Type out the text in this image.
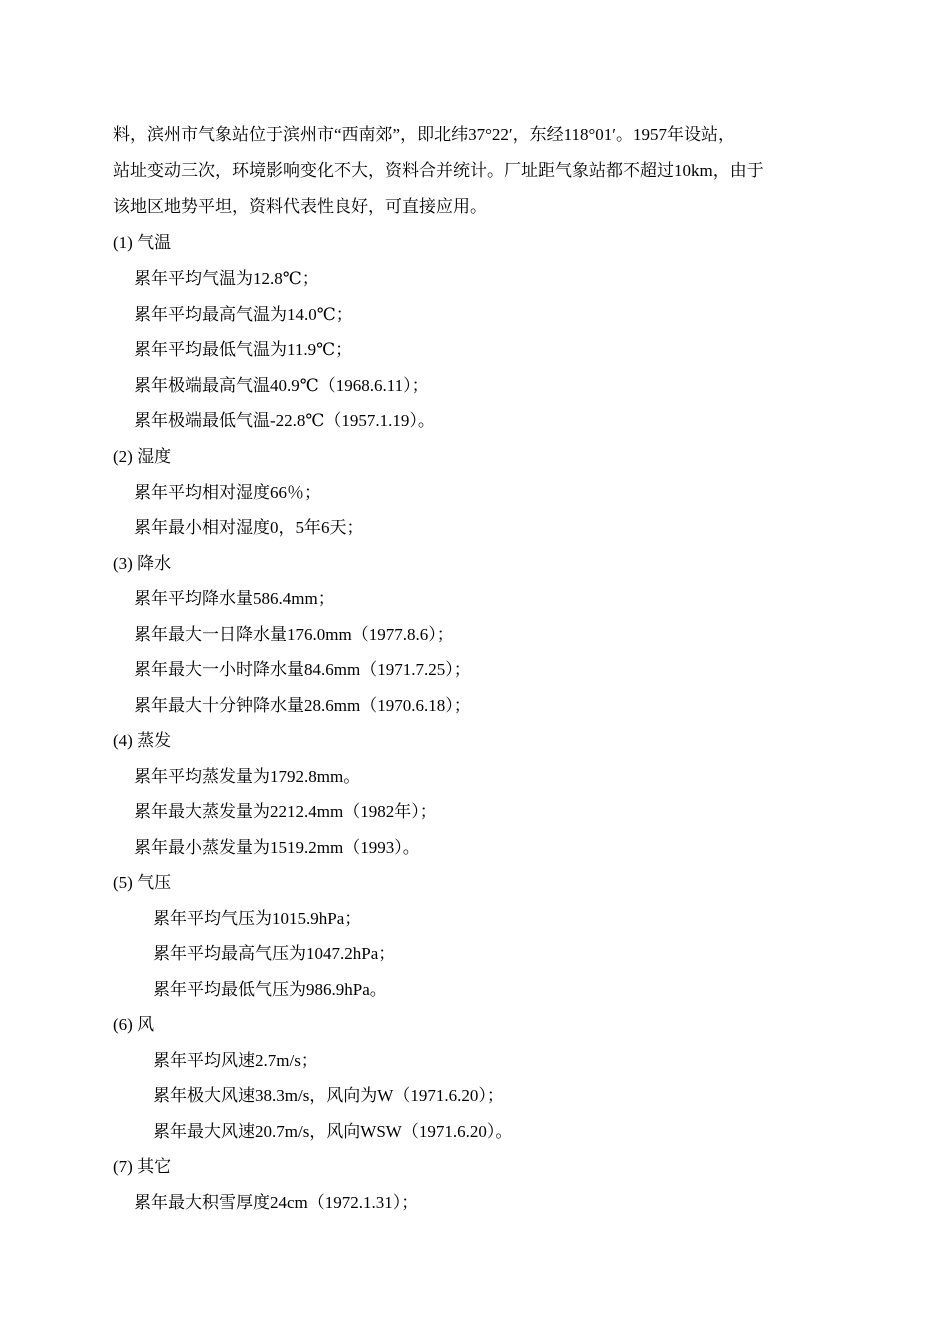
料，滨州市气象站位于滨州市“西南郊”，即北纬37°22′，东经118°01′。1957年设站，
站址变动三次，环境影响变化不大，资料合并统计。厂址距气象站都不超过10km，由于
该地区地势平坦，资料代表性良好，可直接应用。
(1) 气温
累年平均气温为12.8℃；
累年平均最高气温为14.0℃；
累年平均最低气温为11.9℃；
累年极端最高气温40.9℃（1968.6.11）；
累年极端最低气温-22.8℃（1957.1.19）。
(2) 湿度
累年平均相对湿度66％；
累年最小相对湿度0，5年6天；
(3) 降水
累年平均降水量586.4mm；
累年最大一日降水量176.0mm（1977.8.6）；
累年最大一小时降水量84.6mm（1971.7.25）；
累年最大十分钟降水量28.6mm（1970.6.18）；
(4) 蒸发
累年平均蒸发量为1792.8mm。
累年最大蒸发量为2212.4mm（1982年）；
累年最小蒸发量为1519.2mm（1993）。
(5) 气压
累年平均气压为1015.9hPa；
累年平均最高气压为1047.2hPa；
累年平均最低气压为986.9hPa。
(6) 风
累年平均风速2.7m/s；
累年极大风速38.3m/s，风向为W（1971.6.20）；
累年最大风速20.7m/s，风向WSW（1971.6.20）。
(7) 其它
累年最大积雪厚度24cm（1972.1.31）；
